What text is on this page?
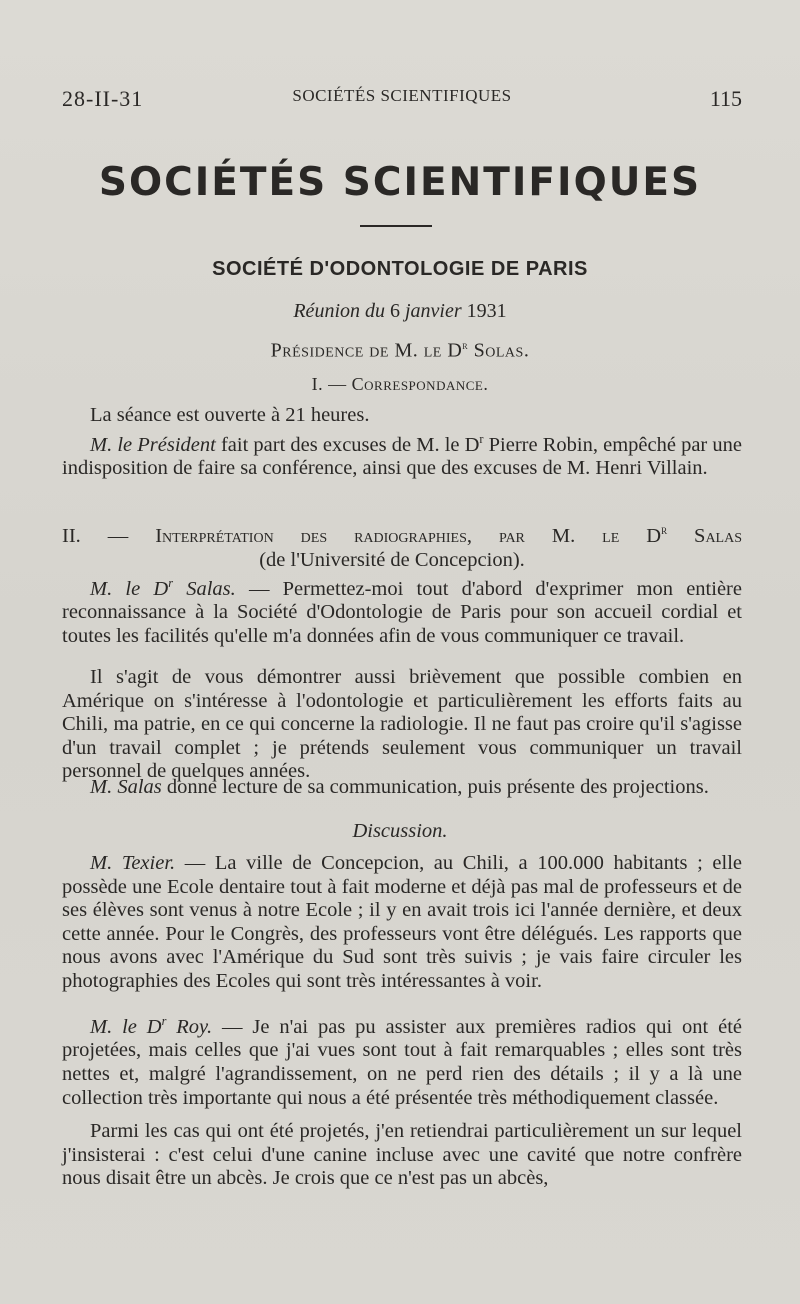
28-II-31	SOCIÉTÉS SCIENTIFIQUES	115
SOCIÉTÉS SCIENTIFIQUES
SOCIÉTÉ D'ODONTOLOGIE DE PARIS
Réunion du 6 janvier 1931
Présidence de M. le $D^r$ Solas.
I. — Correspondance.
La séance est ouverte à 21 heures.
M. le Président fait part des excuses de M. le $D^r$ Pierre Robin, empêché par une indisposition de faire sa conférence, ainsi que des excuses de M. Henri Villain.
II. — Interprétation des radiographies, par M. le $D^r$ Salas
(de l'Université de Concepcion).
M. le $D^r$ Salas. — Permettez-moi tout d'abord d'exprimer mon entière reconnaissance à la Société d'Odontologie de Paris pour son accueil cordial et toutes les facilités qu'elle m'a données afin de vous communiquer ce travail.
Il s'agit de vous démontrer aussi brièvement que possible combien en Amérique on s'intéresse à l'odontologie et particulièrement les efforts faits au Chili, ma patrie, en ce qui concerne la radiologie. Il ne faut pas croire qu'il s'agisse d'un travail complet ; je prétends seulement vous communiquer un travail personnel de quelques années.
M. Salas donne lecture de sa communication, puis présente des projections.
Discussion.
M. Texier. — La ville de Concepcion, au Chili, a 100.000 habitants ; elle possède une Ecole dentaire tout à fait moderne et déjà pas mal de professeurs et de ses élèves sont venus à notre Ecole ; il y en avait trois ici l'année dernière, et deux cette année. Pour le Congrès, des professeurs vont être délégués. Les rapports que nous avons avec l'Amérique du Sud sont très suivis ; je vais faire circuler les photographies des Ecoles qui sont très intéressantes à voir.
M. le $D^r$ Roy. — Je n'ai pas pu assister aux premières radios qui ont été projetées, mais celles que j'ai vues sont tout à fait remarquables ; elles sont très nettes et, malgré l'agrandissement, on ne perd rien des détails ; il y a là une collection très importante qui nous a été présentée très méthodiquement classée.
Parmi les cas qui ont été projetés, j'en retiendrai particulièrement un sur lequel j'insisterai : c'est celui d'une canine incluse avec une cavité que notre confrère nous disait être un abcès. Je crois que ce n'est pas un abcès,
